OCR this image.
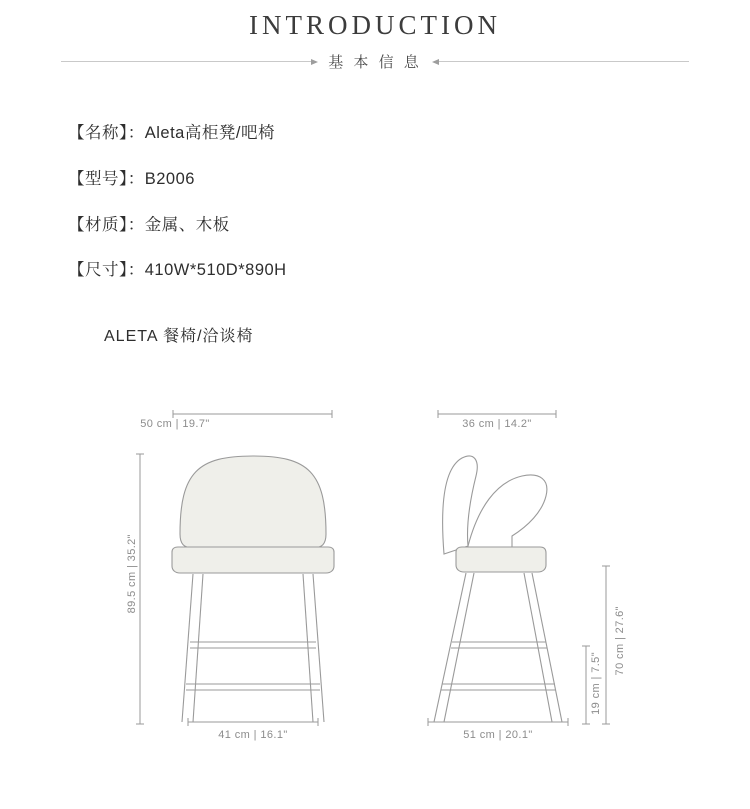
INTRODUCTION
基 本 信 息
【名称】：Aleta高柜凳/吧椅
【型号】：B2006
【材质】：金属、木板
【尺寸】：410W*510D*890H
ALETA 餐椅/洽谈椅
50 cm | 19.7"
89.5 cm | 35.2"
41 cm | 16.1"
36 cm | 14.2"
70 cm | 27.6"
19 cm | 7.5"
51 cm | 20.1"
